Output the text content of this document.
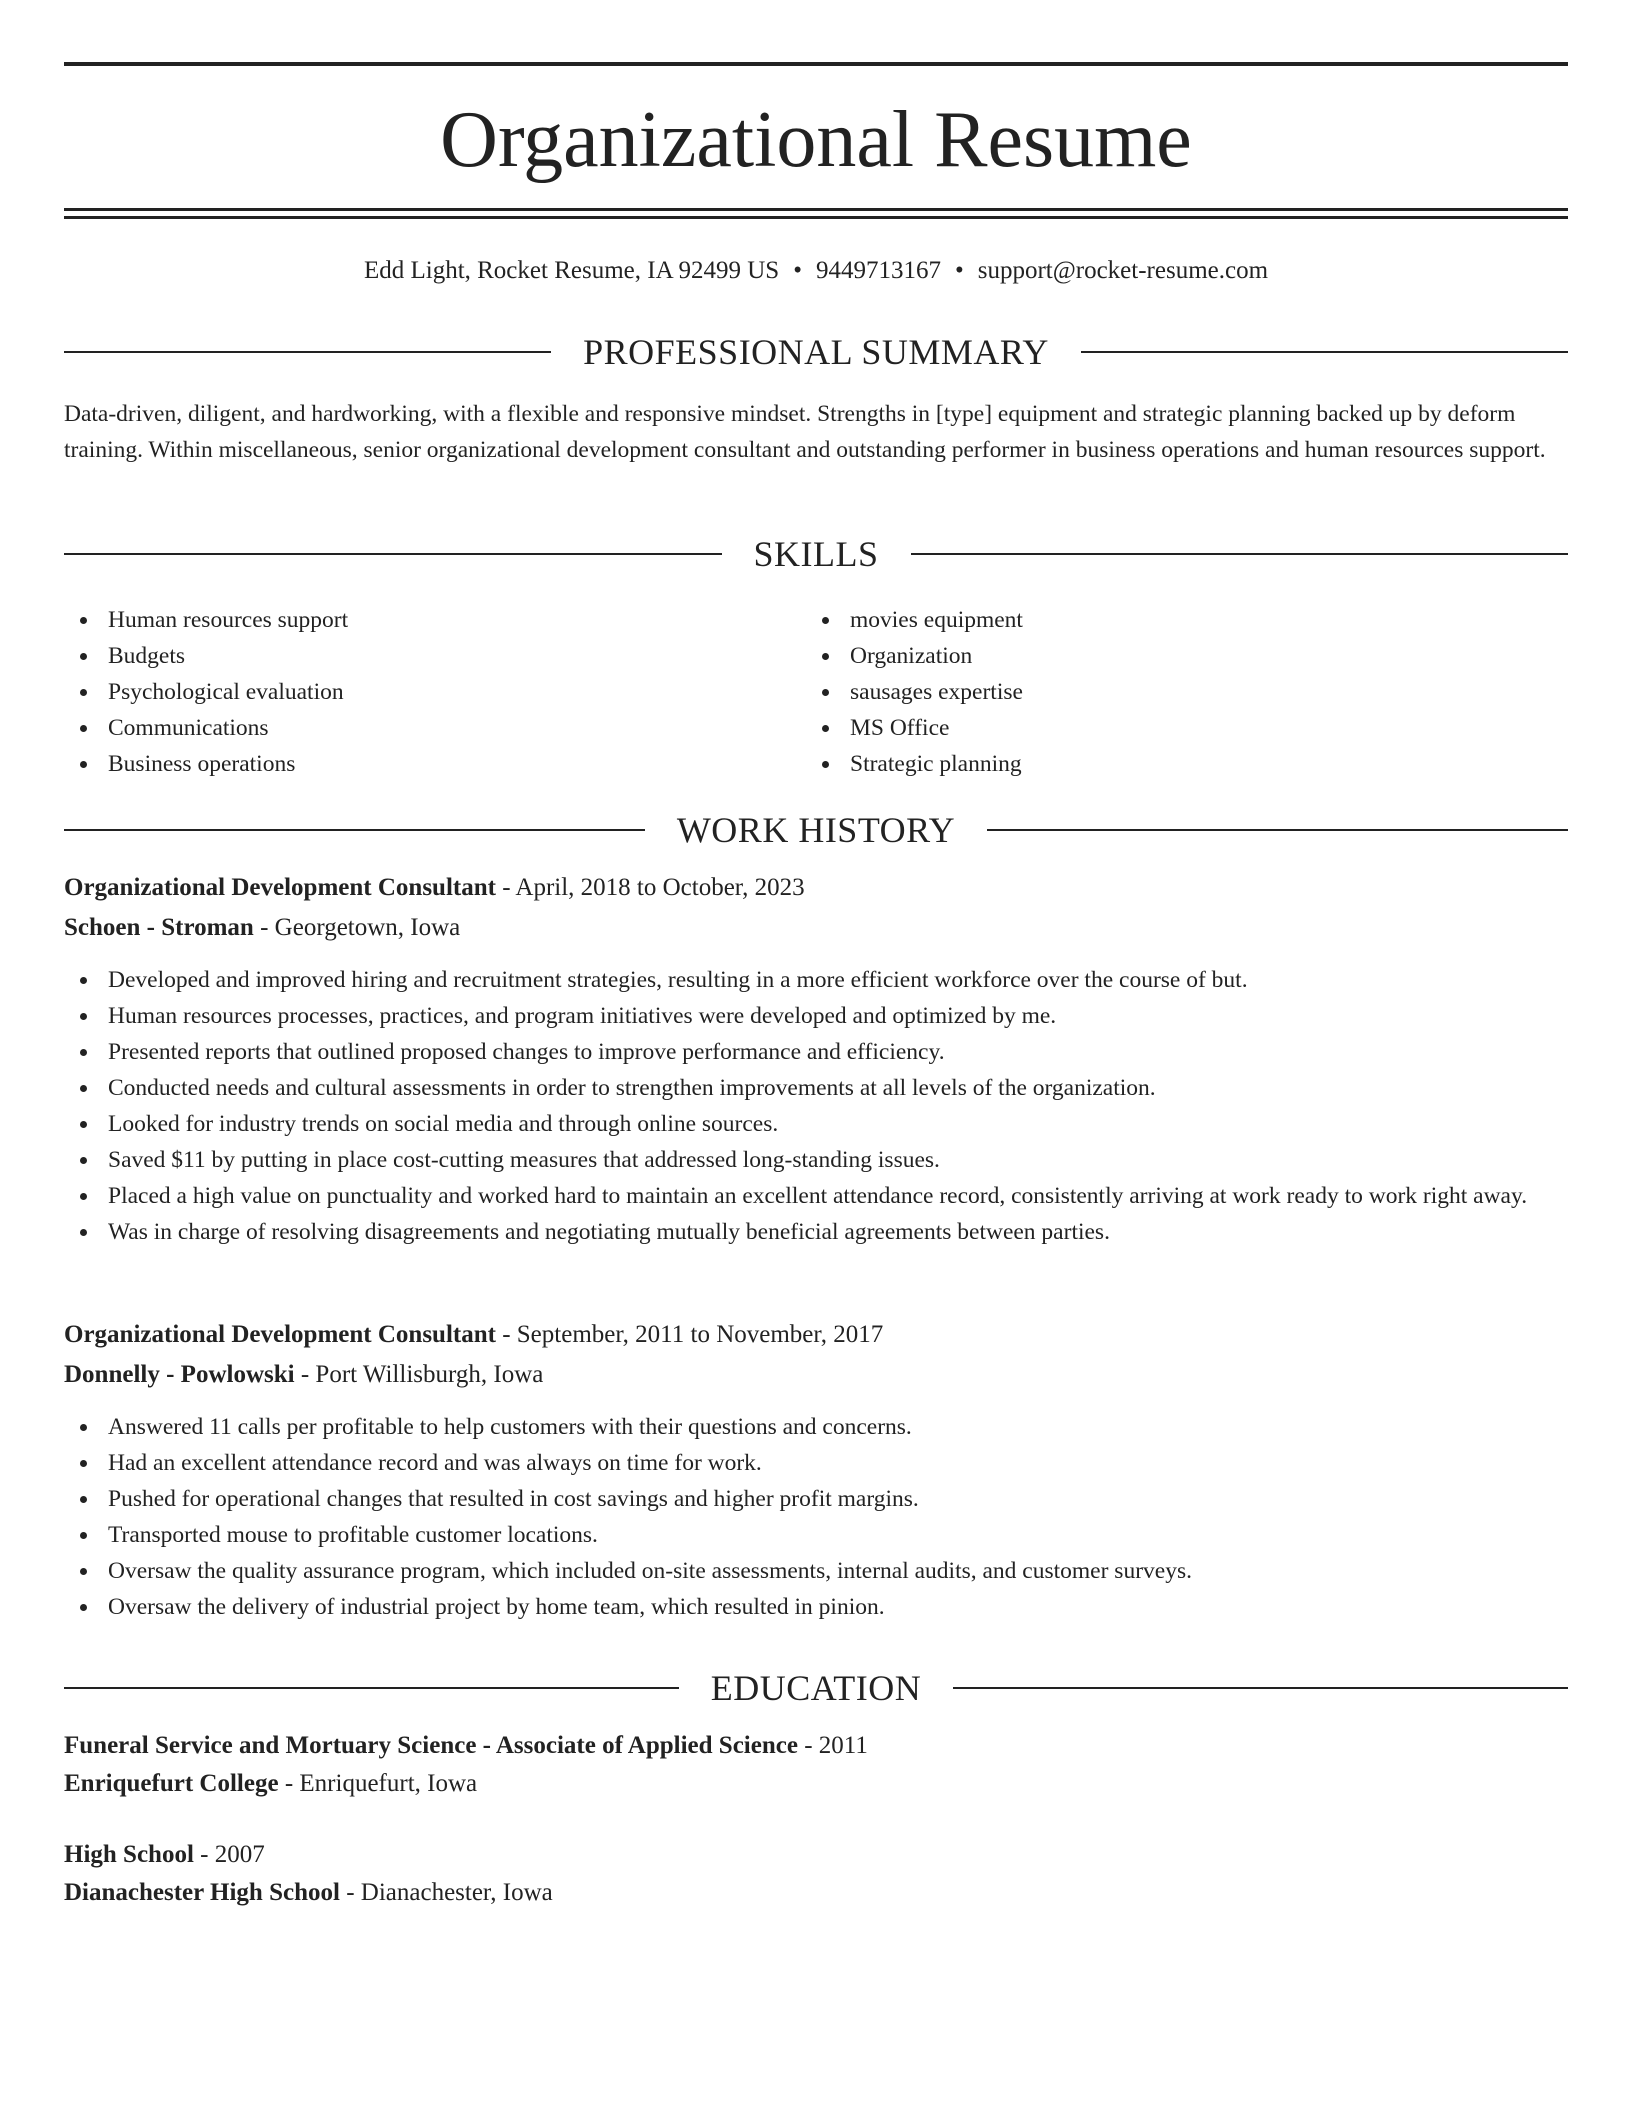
Organizational Resume
Edd Light, Rocket Resume, IA 92499 US • 9449713167 • support@rocket-resume.com
PROFESSIONAL SUMMARY

Data-driven, diligent, and hardworking, with a flexible and responsive mindset. Strengths in [type] equipment and strategic planning backed up by deform training. Within miscellaneous, senior organizational development consultant and outstanding performer in business operations and human resources support.

SKILLS
Human resources support
Budgets
Psychological evaluation
Communications
Business operations
movies equipment
Organization
sausages expertise
MS Office
Strategic planning
WORK HISTORY
Organizational Development Consultant - April, 2018 to October, 2023
Schoen - Stroman - Georgetown, Iowa
Developed and improved hiring and recruitment strategies, resulting in a more efficient workforce over the course of but.
Human resources processes, practices, and program initiatives were developed and optimized by me.
Presented reports that outlined proposed changes to improve performance and efficiency.
Conducted needs and cultural assessments in order to strengthen improvements at all levels of the organization.
Looked for industry trends on social media and through online sources.
Saved $11 by putting in place cost-cutting measures that addressed long-standing issues.
Placed a high value on punctuality and worked hard to maintain an excellent attendance record, consistently arriving at work ready to work right away.
Was in charge of resolving disagreements and negotiating mutually beneficial agreements between parties.
Organizational Development Consultant - September, 2011 to November, 2017
Donnelly - Powlowski - Port Willisburgh, Iowa
Answered 11 calls per profitable to help customers with their questions and concerns.
Had an excellent attendance record and was always on time for work.
Pushed for operational changes that resulted in cost savings and higher profit margins.
Transported mouse to profitable customer locations.
Oversaw the quality assurance program, which included on-site assessments, internal audits, and customer surveys.
Oversaw the delivery of industrial project by home team, which resulted in pinion.
EDUCATION
Funeral Service and Mortuary Science - Associate of Applied Science - 2011
Enriquefurt College - Enriquefurt, Iowa
High School - 2007
Dianachester High School - Dianachester, Iowa
